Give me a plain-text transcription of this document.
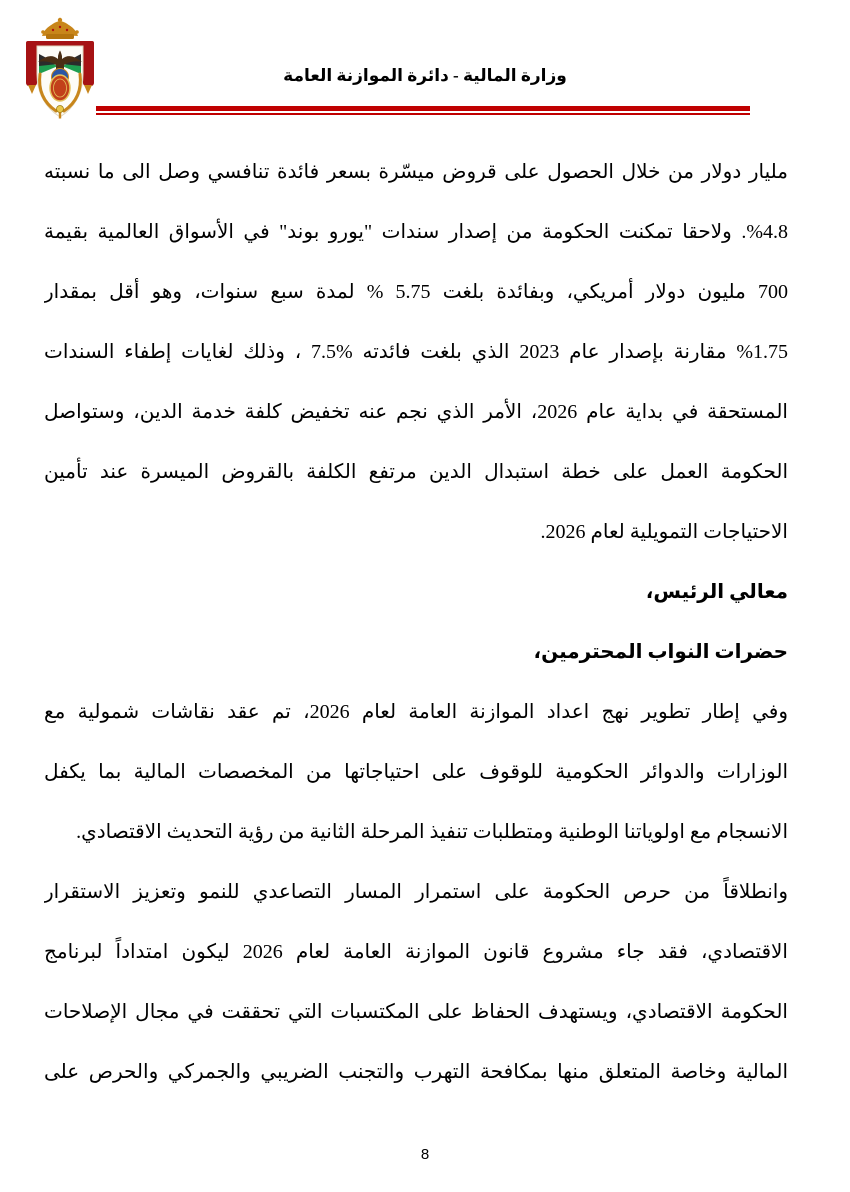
وزارة المالية - دائرة الموازنة العامة
مليار دولار من خلال الحصول على قروض ميسّرة بسعر فائدة تنافسي وصل الى ما نسبته
%4.8. ولاحقا تمكنت الحكومة من إصدار سندات "يورو بوند" في الأسواق العالمية بقيمة
700 مليون دولار أمريكي، وبفائدة بلغت 5.75 % لمدة سبع سنوات، وهو أقل بمقدار
%1.75 مقارنة بإصدار عام 2023 الذي بلغت فائدته %7.5 ، وذلك لغايات إطفاء السندات
المستحقة في بداية عام 2026، الأمر الذي نجم عنه تخفيض كلفة خدمة الدين، وستواصل
الحكومة العمل على خطة استبدال الدين مرتفع الكلفة بالقروض الميسرة عند تأمين
الاحتياجات التمويلية لعام 2026.
معالي الرئيس،
حضرات النواب المحترمين،
وفي إطار تطوير نهج اعداد الموازنة العامة لعام 2026، تم عقد نقاشات شمولية مع
الوزارات والدوائر الحكومية للوقوف على احتياجاتها من المخصصات المالية بما يكفل
الانسجام مع اولوياتنا الوطنية ومتطلبات تنفيذ المرحلة الثانية من رؤية التحديث الاقتصادي.
وانطلاقاً من حرص الحكومة على استمرار المسار التصاعدي للنمو وتعزيز الاستقرار
الاقتصادي، فقد جاء مشروع قانون الموازنة العامة لعام 2026 ليكون امتداداً لبرنامج
الحكومة الاقتصادي، ويستهدف الحفاظ على المكتسبات التي تحققت في مجال الإصلاحات
المالية وخاصة المتعلق منها بمكافحة التهرب والتجنب الضريبي والجمركي والحرص على
8
